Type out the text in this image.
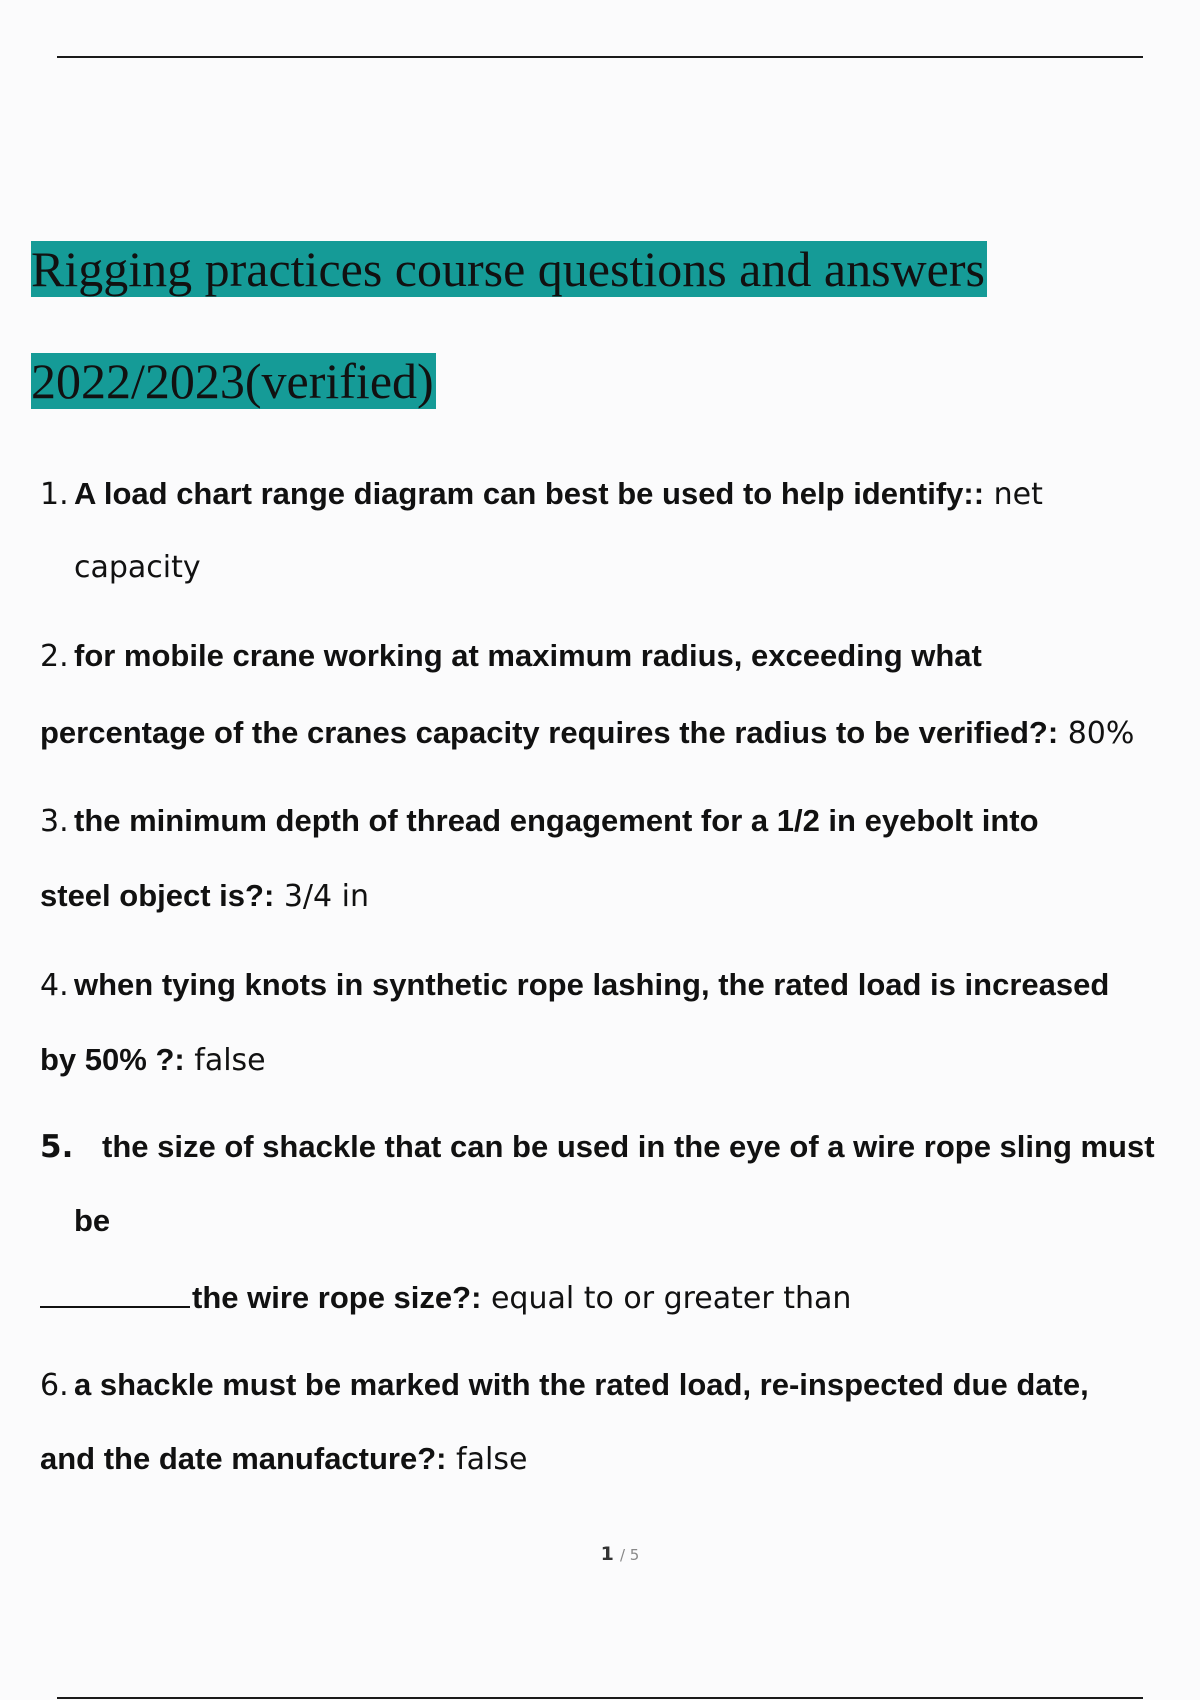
Rigging practices course questions and answers
2022/2023(verified)
1. A load chart range diagram can best be used to help identify:: net
capacity
2. for mobile crane working at maximum radius, exceeding what
percentage of the cranes capacity requires the radius to be verified?: 80%
3. the minimum depth of thread engagement for a 1/2 in eyebolt into
steel object is?: 3/4 in
4. when tying knots in synthetic rope lashing, the rated load is increased
by 50% ?: false
5. the size of shackle that can be used in the eye of a wire rope sling must
be
the wire rope size?: equal to or greater than
6. a shackle must be marked with the rated load, re-inspected due date,
and the date manufacture?: false
1 / 5
